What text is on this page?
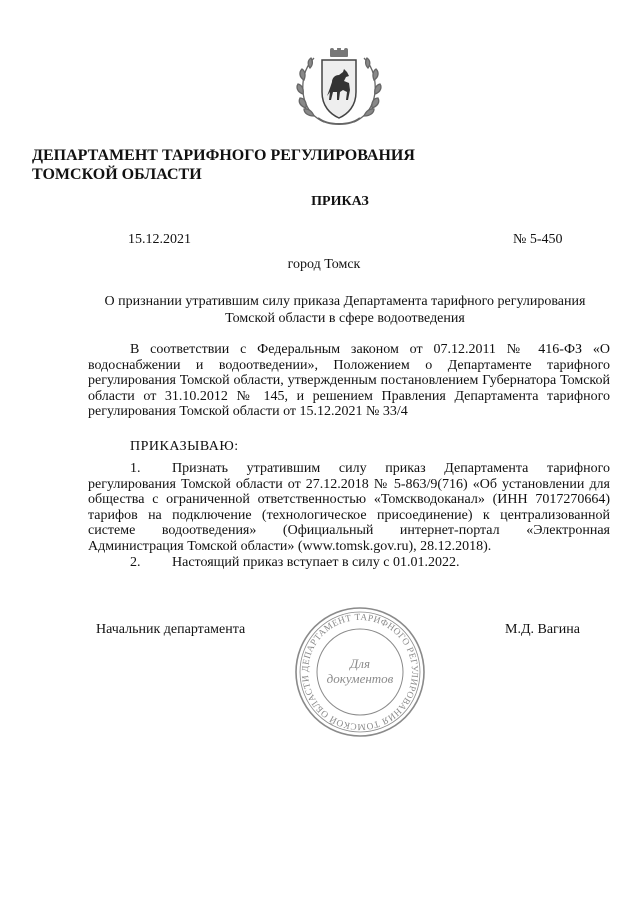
ДЕПАРТАМЕНТ ТАРИФНОГО РЕГУЛИРОВАНИЯ
ТОМСКОЙ ОБЛАСТИ
ПРИКАЗ
15.12.2021	№ 5-450
город Томск
О признании утратившим силу приказа Департамента тарифного регулирования Томской области в сфере водоотведения
В соответствии с Федеральным законом от 07.12.2011 № 416-ФЗ «О водоснабжении и водоотведении», Положением о Департаменте тарифного регулирования Томской области, утвержденным постановлением Губернатора Томской области от 31.10.2012 № 145, и решением Правления Департамента тарифного регулирования Томской области от 15.12.2021 № 33/4
ПРИКАЗЫВАЮ:
1. Признать утратившим силу приказ Департамента тарифного регулирования Томской области от 27.12.2018 № 5-863/9(716) «Об установлении для общества с ограниченной ответственностью «Томскводоканал» (ИНН 7017270664) тарифов на подключение (технологическое присоединение) к централизованной системе водоотведения» (Официальный интернет-портал «Электронная Администрация Томской области» (www.tomsk.gov.ru), 28.12.2018).
2. Настоящий приказ вступает в силу с 01.01.2022.
Начальник департамента	М.Д. Вагина
ДЕПАРТАМЕНТ ТАРИФНОГО РЕГУЛИРОВАНИЯ ТОМСКОЙ ОБЛАСТИ
Для
документов
